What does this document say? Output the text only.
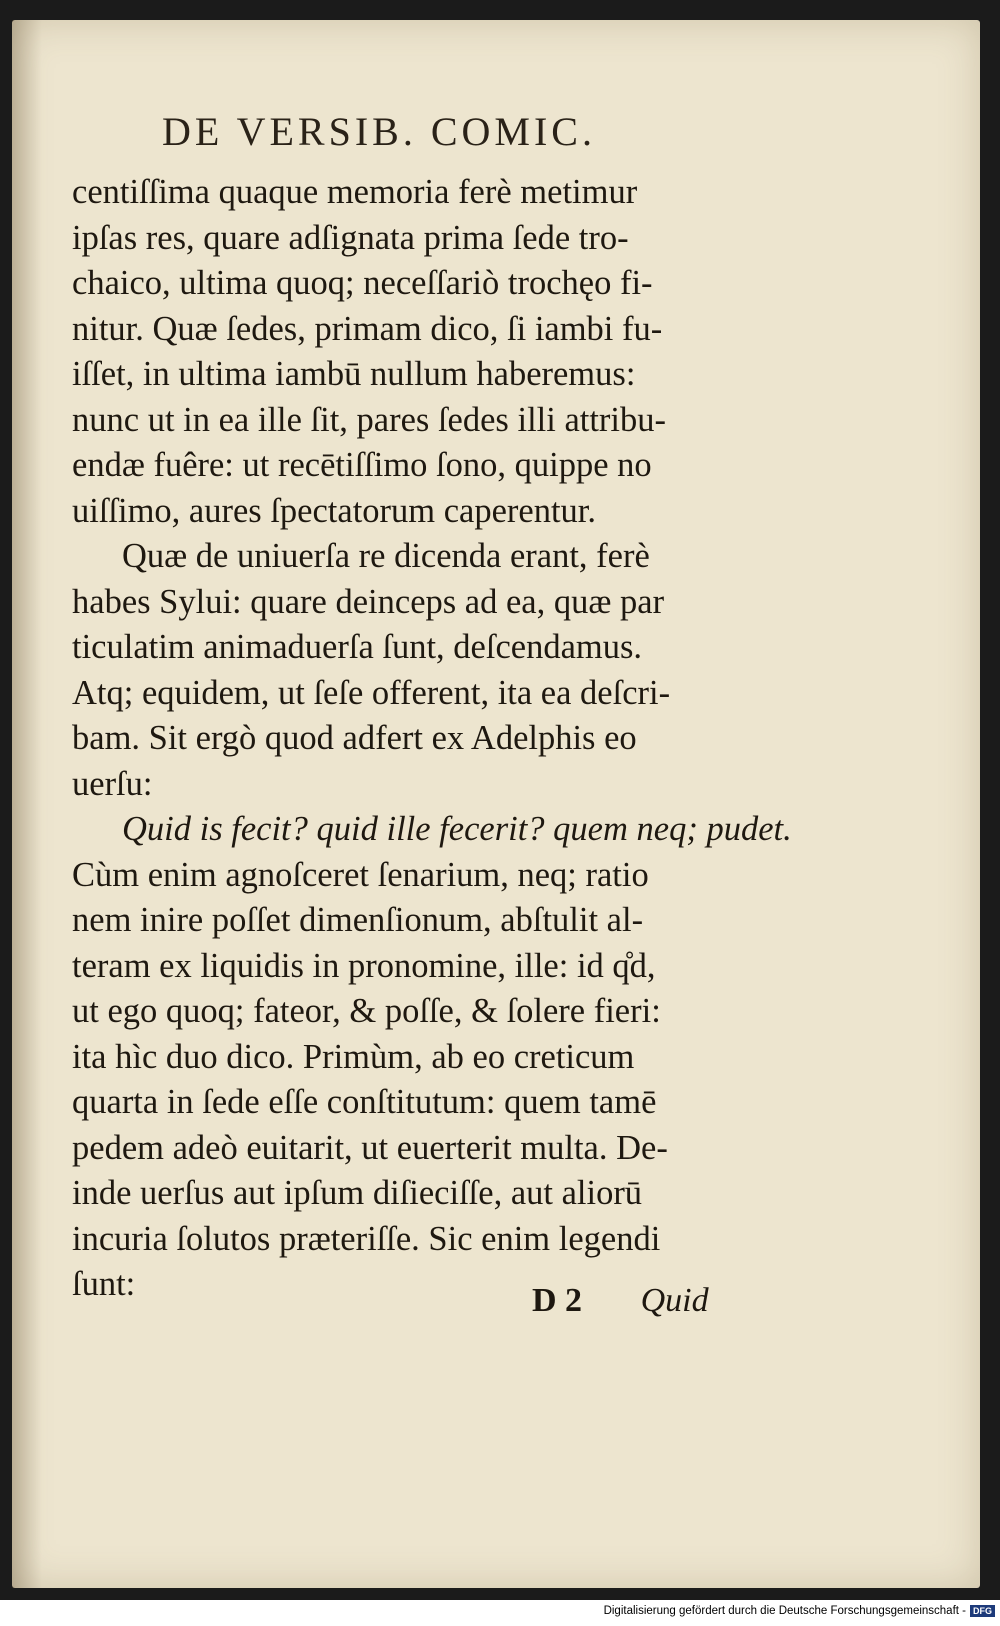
DE VERSIB. COMIC.
centiſſima quaque memoria ferè metimur
ipſas res, quare adſignata prima ſede tro-
chaico, ultima quoq; neceſſariò trochęo fi-
nitur. Quæ ſedes, primam dico, ſi iambi fu-
iſſet, in ultima iambū nullum haberemus:
nunc ut in ea ille ſit, pares ſedes illi attribu-
endæ fuêre: ut recētiſſimo ſono, quippe no
uiſſimo, aures ſpectatorum caperentur.
Quæ de uniuerſa re dicenda erant, ferè
habes Sylui: quare deinceps ad ea, quæ par
ticulatim animaduerſa ſunt, deſcendamus.
Atq; equidem, ut ſeſe offerent, ita ea deſcri-
bam. Sit ergò quod adfert ex Adelphis eo
uerſu:
Quid is fecit? quid ille fecerit? quem neq; pudet.
Cùm enim agnoſceret ſenarium, neq; ratio
nem inire poſſet dimenſionum, abſtulit al-
teram ex liquidis in pronomine, ille: id q̊d,
ut ego quoq; fateor, & poſſe, & ſolere fieri:
ita hìc duo dico. Primùm, ab eo creticum
quarta in ſede eſſe conſtitutum: quem tamē
pedem adeò euitarit, ut euerterit multa. De-
inde uerſus aut ipſum diſieciſſe, aut aliorū
incuria ſolutos præteriſſe. Sic enim legendi
ſunt:	D 2 Quid
Digitalisierung gefördert durch die Deutsche Forschungsgemeinschaft - DFG
